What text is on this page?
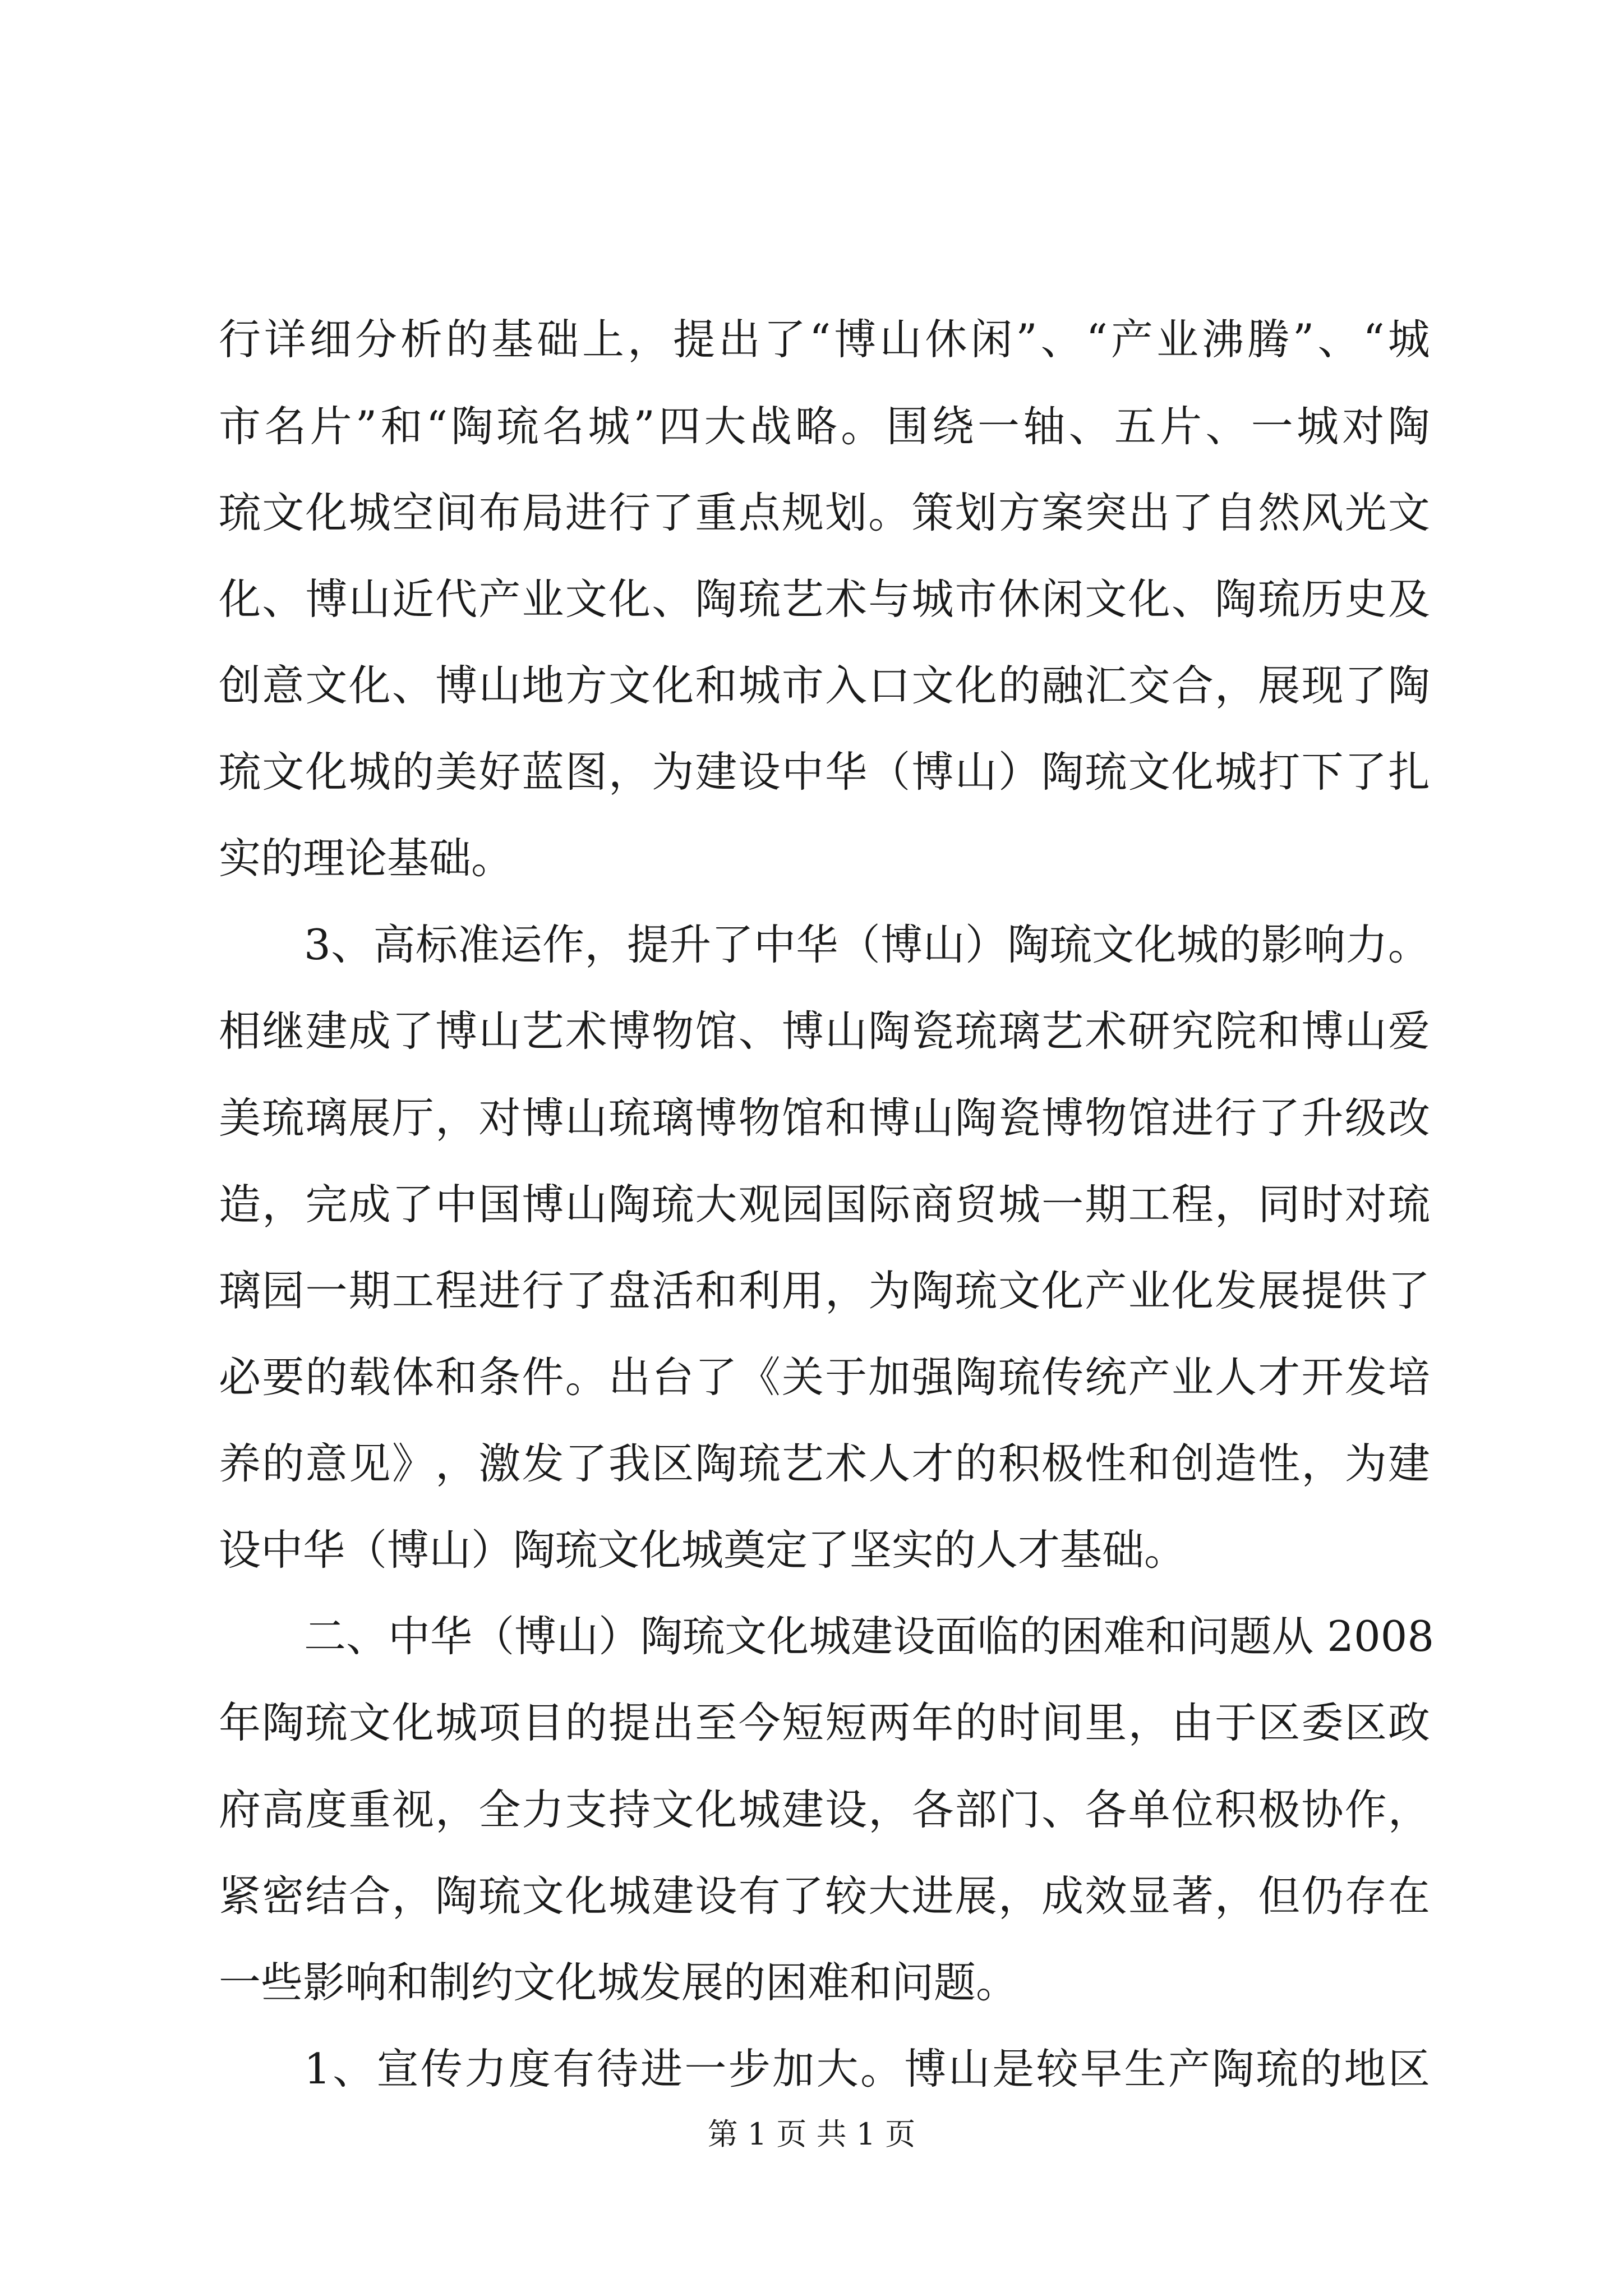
行 详 细 分 析 的 基 础 上 ， 提 出 了 “ 博 山 休 闲 ” 、 “ 产 业 沸 腾 ” 、 “ 城
市 名 片 ” 和 “ 陶 琉 名 城 ” 四 大 战 略 。 围 绕 一 轴 、 五 片 、 一 城 对 陶
琉 文 化 城 空 间 布 局 进 行 了 重 点 规 划 。 策 划 方 案 突 出 了 自 然 风 光 文
化 、 博 山 近 代 产 业 文 化 、 陶 琉 艺 术 与 城 市 休 闲 文 化 、 陶 琉 历 史 及
创 意 文 化 、 博 山 地 方 文 化 和 城 市 入 口 文 化 的 融 汇 交 合 ， 展 现 了 陶
琉 文 化 城 的 美 好 蓝 图 ， 为 建 设 中 华 （ 博 山 ） 陶 琉 文 化 城 打 下 了 扎
实的理论基础。
3 、 高 标 准 运 作 ， 提 升 了 中 华 （ 博 山 ） 陶 琉 文 化 城 的 影 响 力 。
相 继 建 成 了 博 山 艺 术 博 物 馆 、 博 山 陶 瓷 琉 璃 艺 术 研 究 院 和 博 山 爱
美 琉 璃 展 厅 ， 对 博 山 琉 璃 博 物 馆 和 博 山 陶 瓷 博 物 馆 进 行 了 升 级 改
造 ， 完 成 了 中 国 博 山 陶 琉 大 观 园 国 际 商 贸 城 一 期 工 程 ， 同 时 对 琉
璃 园 一 期 工 程 进 行 了 盘 活 和 利 用 ， 为 陶 琉 文 化 产 业 化 发 展 提 供 了
必 要 的 载 体 和 条 件 。 出 台 了 《 关 于 加 强 陶 琉 传 统 产 业 人 才 开 发 培
养 的 意 见 》 ， 激 发 了 我 区 陶 琉 艺 术 人 才 的 积 极 性 和 创 造 性 ， 为 建
设中华（博山）陶琉文化城奠定了坚实的人才基础。
二 、 中 华 （ 博 山 ） 陶 琉 文 化 城 建 设 面 临 的 困 难 和 问 题 从
2 0 0 8
年 陶 琉 文 化 城 项 目 的 提 出 至 今 短 短 两 年 的 时 间 里 ， 由 于 区 委 区 政
府 高 度 重 视 ， 全 力 支 持 文 化 城 建 设 ， 各 部 门 、 各 单 位 积 极 协 作 ，
紧 密 结 合 ， 陶 琉 文 化 城 建 设 有 了 较 大 进 展 ， 成 效 显 著 ， 但 仍 存 在
一些影响和制约文化城发展的困难和问题。
1 、 宣 传 力 度 有 待 进 一 步 加 大 。 博 山 是 较 早 生 产 陶 琉 的 地 区
第 1 页 共 1 页
